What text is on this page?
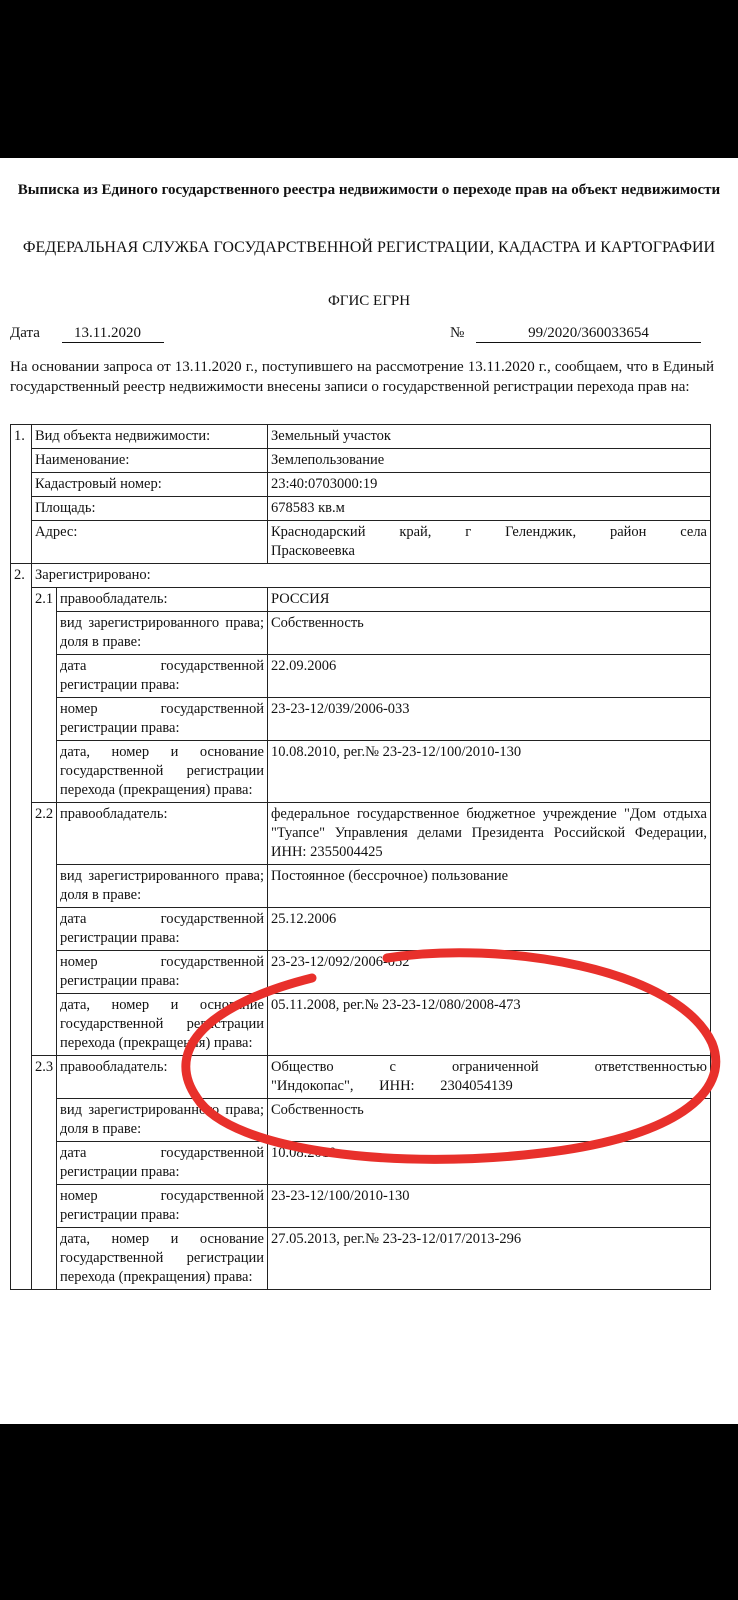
Выписка из Единого государственного реестра недвижимости о переходе прав на объект недвижимости
ФЕДЕРАЛЬНАЯ СЛУЖБА ГОСУДАРСТВЕННОЙ РЕГИСТРАЦИИ, КАДАСТРА И КАРТОГРАФИИ
ФГИС ЕГРН
Дата	13.11.2020	№	99/2020/360033654
На основании запроса от 13.11.2020 г., поступившего на рассмотрение 13.11.2020 г., сообщаем, что в Единый государственный реестр недвижимости внесены записи о государственной регистрации перехода прав на:
1.	Вид объекта недвижимости:		Земельный участок
	Наименование:		Землепользование
	Кадастровый номер:		23:40:0703000:19
	Площадь:		678583 кв.м
	Адрес:		Краснодарский край, г Геленджик, район села Прасковеевка
2.	Зарегистрировано:		
	2.1	правообладатель:	РОССИЯ
		вид зарегистрированного права; доля в праве:	Собственность
		дата государственной регистрации права:	22.09.2006
		номер государственной регистрации права:	23-23-12/039/2006-033
		дата, номер и основание государственной регистрации перехода (прекращения) права:	10.08.2010, рег.№ 23-23-12/100/2010-130
	2.2	правообладатель:	федеральное государственное бюджетное учреждение "Дом отдыха "Туапсе" Управления делами Президента Российской Федерации, ИНН: 2355004425
		вид зарегистрированного права; доля в праве:	Постоянное (бессрочное) пользование
		дата государственной регистрации права:	25.12.2006
		номер государственной регистрации права:	23-23-12/092/2006-052
		дата, номер и основание государственной регистрации перехода (прекращения) права:	05.11.2008, рег.№ 23-23-12/080/2008-473
	2.3	правообладатель:	Общество с ограниченной ответственностью "Индокопас", ИНН: 2304054139
		вид зарегистрированного права; доля в праве:	Собственность
		дата государственной регистрации права:	10.08.2010
		номер государственной регистрации права:	23-23-12/100/2010-130
		дата, номер и основание государственной регистрации перехода (прекращения) права:	27.05.2013, рег.№ 23-23-12/017/2013-296
